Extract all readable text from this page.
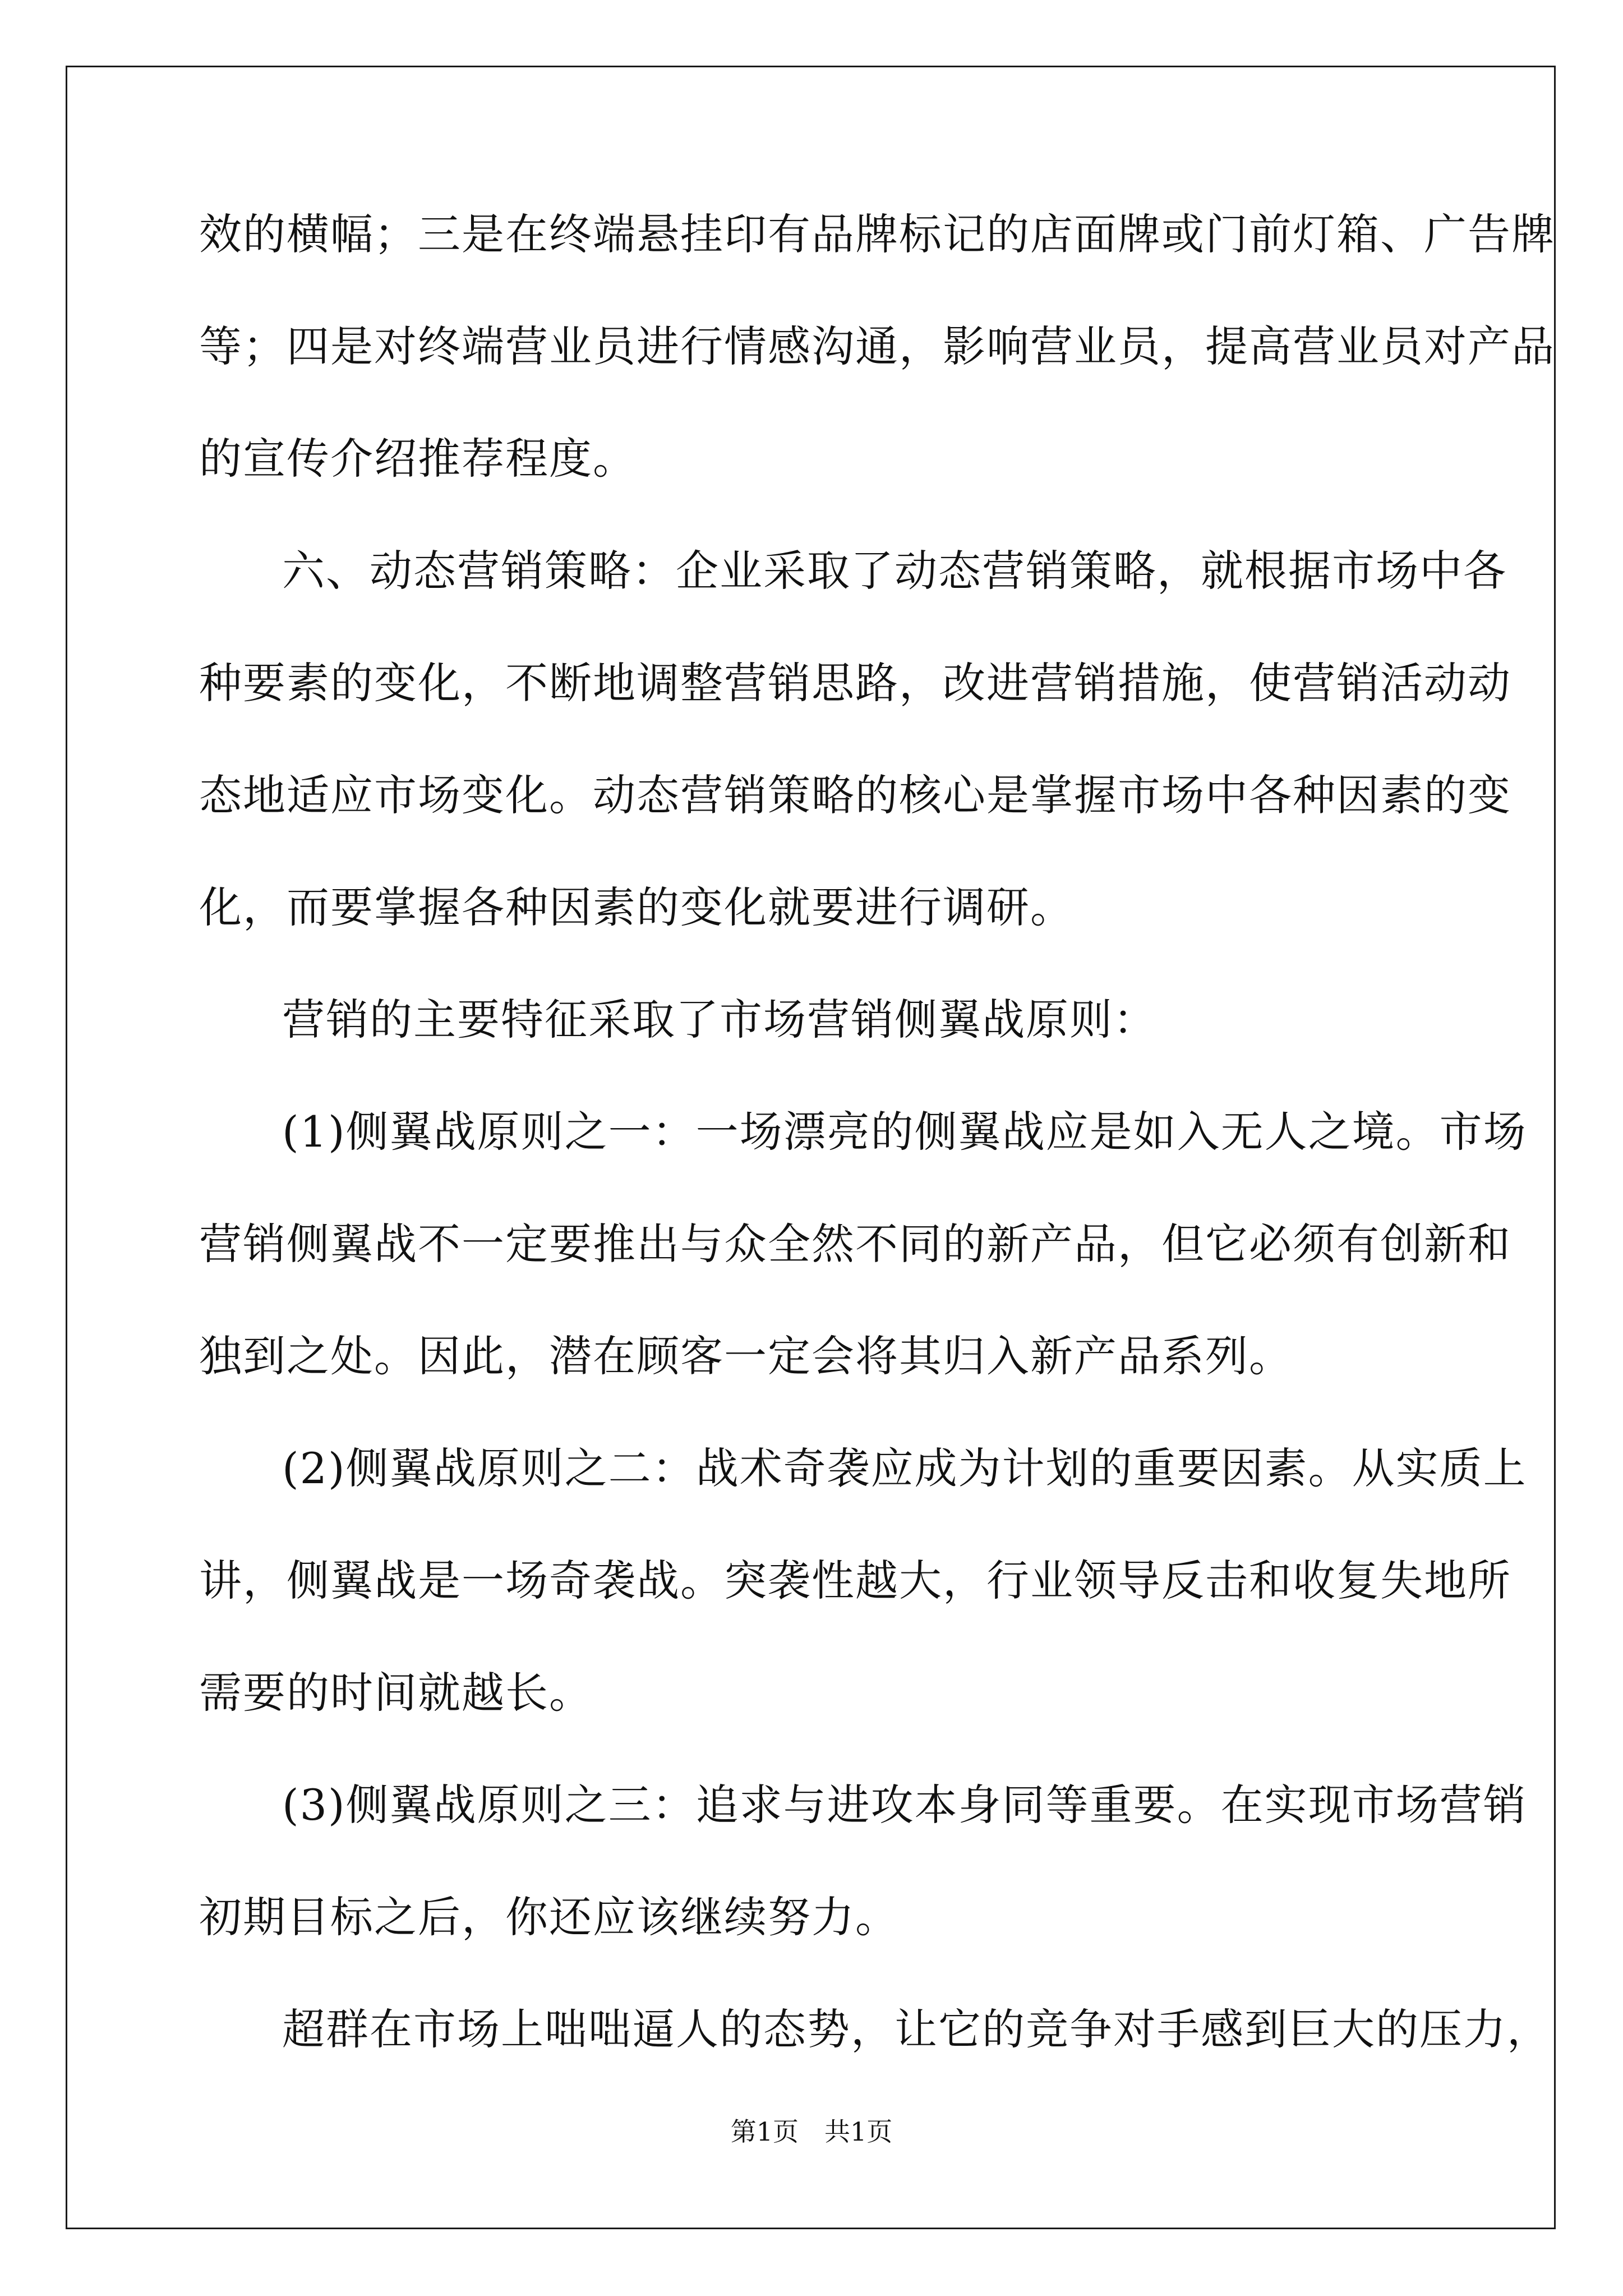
效的横幅；三是在终端悬挂印有品牌标记的店面牌或门前灯箱、广告牌
等；四是对终端营业员进行情感沟通，影响营业员，提高营业员对产品
的宣传介绍推荐程度。
六、动态营销策略：企业采取了动态营销策略，就根据市场中各
种要素的变化，不断地调整营销思路，改进营销措施，使营销活动动
态地适应市场变化。动态营销策略的核心是掌握市场中各种因素的变
化，而要掌握各种因素的变化就要进行调研。
营销的主要特征采取了市场营销侧翼战原则：
(1)侧翼战原则之一：一场漂亮的侧翼战应是如入无人之境。市场
营销侧翼战不一定要推出与众全然不同的新产品，但它必须有创新和
独到之处。因此，潜在顾客一定会将其归入新产品系列。
(2)侧翼战原则之二：战术奇袭应成为计划的重要因素。从实质上
讲，侧翼战是一场奇袭战。突袭性越大，行业领导反击和收复失地所
需要的时间就越长。
(3)侧翼战原则之三：追求与进攻本身同等重要。在实现市场营销
初期目标之后，你还应该继续努力。
超群在市场上咄咄逼人的态势，让它的竞争对手感到巨大的压力，
第1页　共1页
